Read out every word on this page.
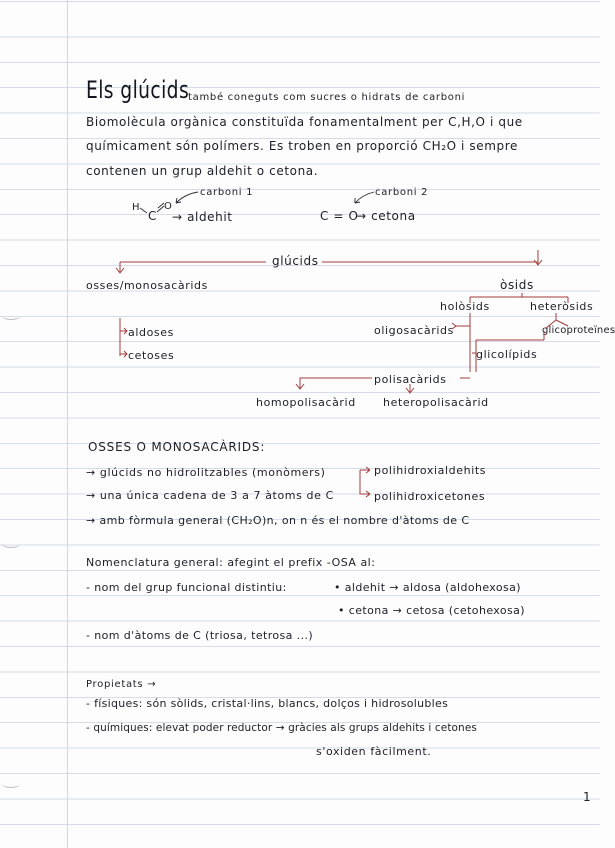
Els glúcids
també coneguts com sucres o hidrats de carboni
Biomolècula orgànica constituïda fonamentalment per C,H,O i que
químicament són polímers. Es troben en proporció CH₂O i sempre
contenen un grup aldehit o cetona.
carboni 1
H
C
O
→ aldehit
carboni 2
C = O
→ cetona
glúcids
osses/monosacàrids
aldoses
cetoses
òsids
holòsids	heteròsids
oligosacàrids	glicoproteïnes
glicolípids
polisacàrids
homopolisacàrid heteropolisacàrid
OSSES O MONOSACÀRIDS:
→ glúcids no hidrolitzables (monòmers)	polihidroxialdehits
→ una única cadena de 3 a 7 àtoms de C	polihidroxicetones
→ amb fòrmula general (CH₂O)n, on n és el nombre d'àtoms de C
Nomenclatura general: afegint el prefix -OSA al:
- nom del grup funcional distintiu:	• aldehit → aldosa (aldohexosa)
• cetona → cetosa (cetohexosa)
- nom d'àtoms de C (triosa, tetrosa ...)
Propietats →
- físiques: són sòlids, cristal·lins, blancs, dolços i hidrosolubles
- químiques: elevat poder reductor → gràcies als grups aldehits i cetones
s'oxiden fàcilment.
1
